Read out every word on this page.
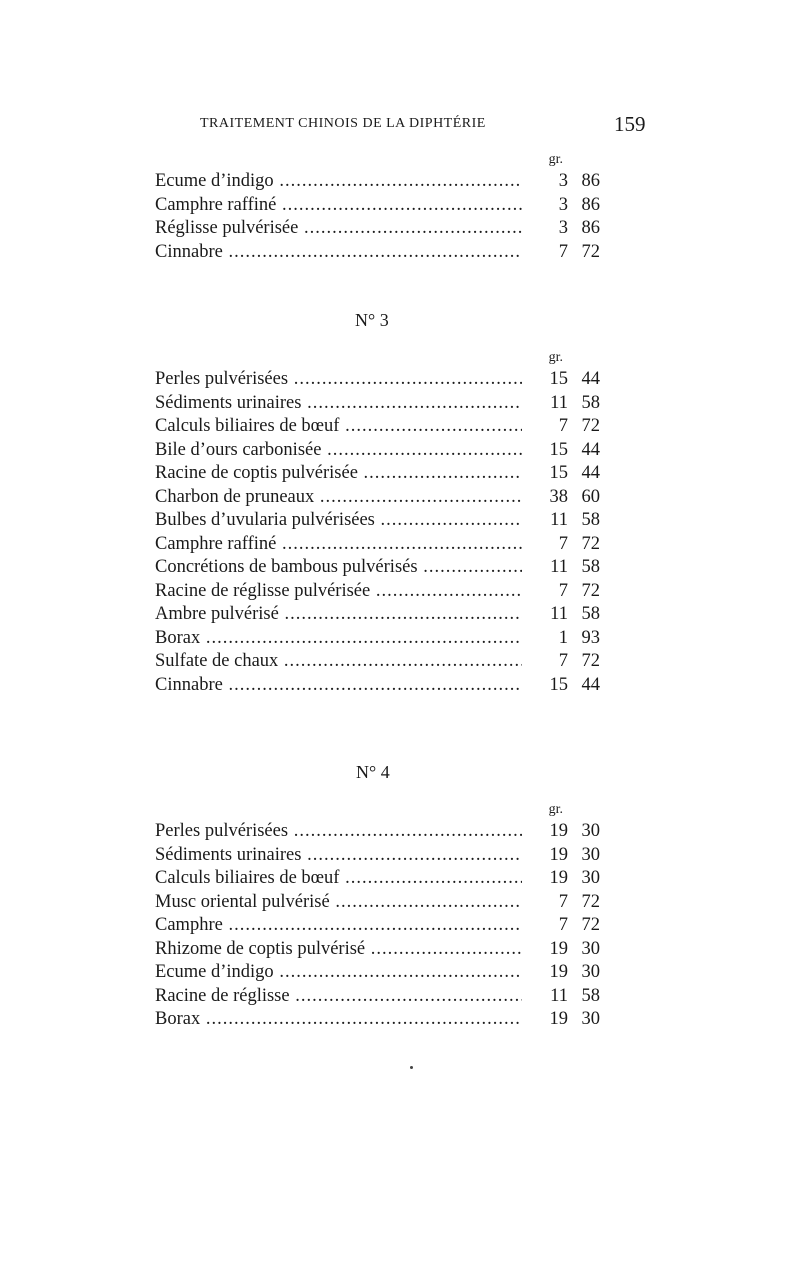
TRAITEMENT CHINOIS DE LA DIPHTÉRIE	159
gr.
Ecume d’indigo .....	3 86
Camphre raffiné .....	3 86
Réglisse pulvérisée .....	3 86
Cinnabre .....	7 72
N° 3
gr.
Perles pulvérisées .....	15 44
Sédiments urinaires .....	11 58
Calculs biliaires de bœuf .....	7 72
Bile d’ours carbonisée .....	15 44
Racine de coptis pulvérisée .....	15 44
Charbon de pruneaux .....	38 60
Bulbes d’uvularia pulvérisées .....	11 58
Camphre raffiné .....	7 72
Concrétions de bambous pulvérisés .....	11 58
Racine de réglisse pulvérisée .....	7 72
Ambre pulvérisé .....	11 58
Borax .....	1 93
Sulfate de chaux .....	7 72
Cinnabre .....	15 44
N° 4
gr.
Perles pulvérisées .....	19 30
Sédiments urinaires .....	19 30
Calculs biliaires de bœuf .....	19 30
Musc oriental pulvérisé .....	7 72
Camphre .....	7 72
Rhizome de coptis pulvérisé .....	19 30
Ecume d’indigo .....	19 30
Racine de réglisse .....	11 58
Borax .....	19 30
